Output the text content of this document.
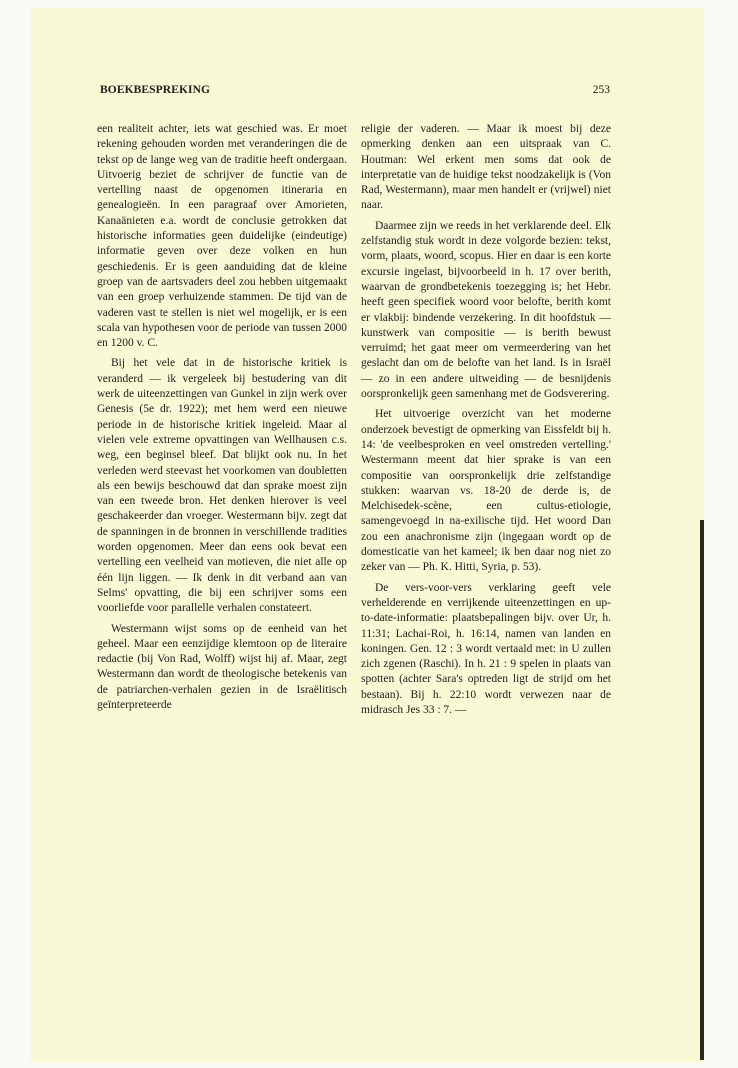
BOEKBESPREKING	253

een realiteit achter, iets wat geschied was. Er moet rekening gehouden worden met veranderingen die de tekst op de lange weg van de traditie heeft ondergaan. Uitvoerig beziet de schrijver de functie van de vertelling naast de opgenomen itineraria en genealogieën. In een paragraaf over Amorieten, Kanaänieten e.a. wordt de conclusie getrokken dat historische informaties geen duidelijke (eindeutige) informatie geven over deze volken en hun geschiedenis. Er is geen aanduiding dat de kleine groep van de aartsvaders deel zou hebben uitgemaakt van een groep verhuizende stammen. De tijd van de vaderen vast te stellen is niet wel mogelijk, er is een scala van hypothesen voor de periode van tussen 2000 en 1200 v. C.

Bij het vele dat in de historische kritiek is veranderd — ik vergeleek bij bestudering van dit werk de uiteenzettingen van Gunkel in zijn werk over Genesis (5e dr. 1922); met hem werd een nieuwe periode in de historische kritiek ingeleid. Maar al vielen vele extreme opvattingen van Wellhausen c.s. weg, een beginsel bleef. Dat blijkt ook nu. In het verleden werd steevast het voorkomen van doubletten als een bewijs beschouwd dat dan sprake moest zijn van een tweede bron. Het denken hierover is veel geschakeerder dan vroeger. Westermann bijv. zegt dat de spanningen in de bronnen in verschillende tradities worden opgenomen. Meer dan eens ook bevat een vertelling een veelheid van motieven, die niet alle op één lijn liggen. — Ik denk in dit verband aan van Selms' opvatting, die bij een schrijver soms een voorliefde voor parallelle verhalen constateert.

Westermann wijst soms op de eenheid van het geheel. Maar een eenzijdige klemtoon op de literaire redactie (bij Von Rad, Wolff) wijst hij af. Maar, zegt Westermann dan wordt de theologische betekenis van de patriarchen-verhalen gezien in de Israëlitisch geïnterpreteerde

religie der vaderen. — Maar ik moest bij deze opmerking denken aan een uitspraak van C. Houtman: Wel erkent men soms dat ook de interpretatie van de huidige tekst noodzakelijk is (Von Rad, Westermann), maar men handelt er (vrijwel) niet naar.

Daarmee zijn we reeds in het verklarende deel. Elk zelfstandig stuk wordt in deze volgorde bezien: tekst, vorm, plaats, woord, scopus. Hier en daar is een korte excursie ingelast, bijvoorbeeld in h. 17 over berith, waarvan de grondbetekenis toezegging is; het Hebr. heeft geen specifiek woord voor belofte, berith komt er vlakbij: bindende verzekering. In dit hoofdstuk — kunstwerk van compositie — is berith bewust verruimd; het gaat meer om vermeerdering van het geslacht dan om de belofte van het land. Is in Israël — zo in een andere uitweiding — de besnijdenis oorspronkelijk geen samenhang met de Godsverering.

Het uitvoerige overzicht van het moderne onderzoek bevestigt de opmerking van Eissfeldt bij h. 14: 'de veelbesproken en veel omstreden vertelling.' Westermann meent dat hier sprake is van een compositie van oorspronkelijk drie zelfstandige stukken: waarvan vs. 18-20 de derde is, de Melchisedek-scène, een cultus-etiologie, samengevoegd in na-exilische tijd. Het woord Dan zou een anachronisme zijn (ingegaan wordt op de domesticatie van het kameel; ik ben daar nog niet zo zeker van — Ph. K. Hitti, Syria, p. 53).

De vers-voor-vers verklaring geeft vele verhelderende en verrijkende uiteenzettingen en up-to-date-informatie: plaatsbepalingen bijv. over Ur, h. 11:31; Lachai-Roi, h. 16:14, namen van landen en koningen. Gen. 12 : 3 wordt vertaald met: in U zullen zich zgenen (Raschi). In h. 21 : 9 spelen in plaats van spotten (achter Sara's optreden ligt de strijd om het bestaan). Bij h. 22:10 wordt verwezen naar de midrasch Jes 33 : 7. —
